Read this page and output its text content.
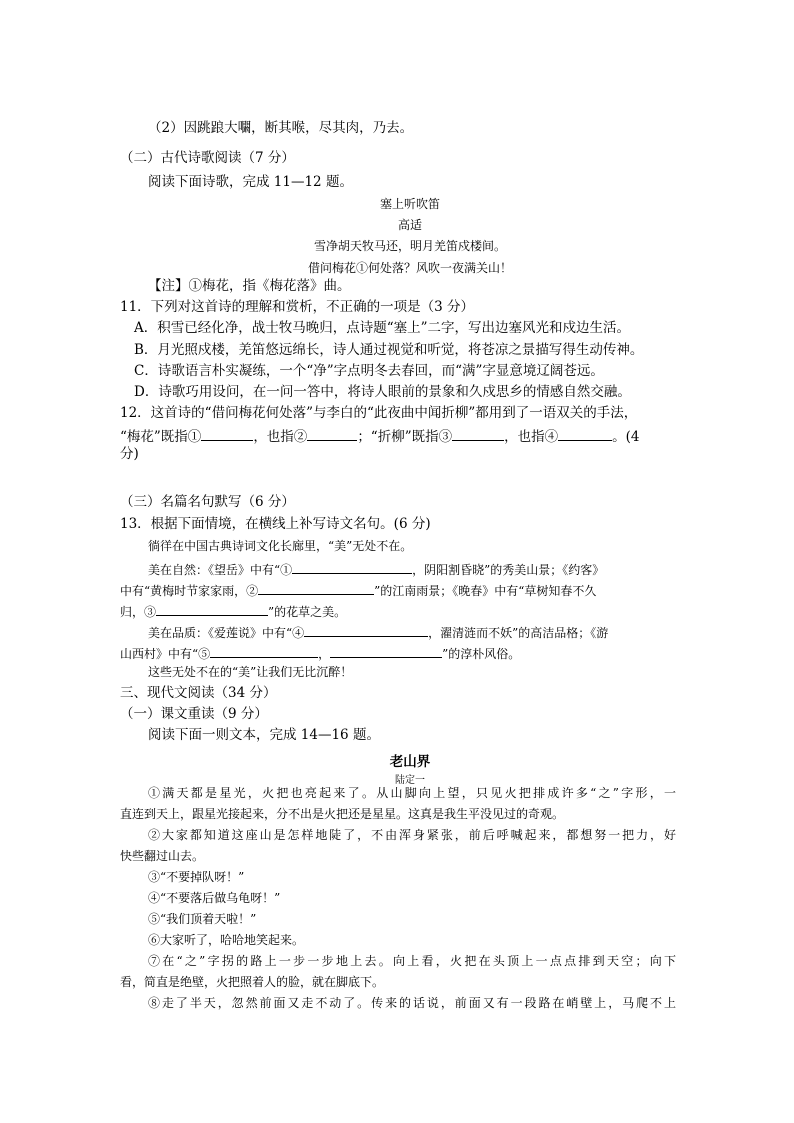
（2）因跳踉大㘚，断其喉，尽其肉，乃去。
（二）古代诗歌阅读（7 分）
阅读下面诗歌，完成 11—12 题。
塞上听吹笛
高适
雪净胡天牧马还，明月羌笛戍楼间。
借问梅花①何处落？风吹一夜满关山！
【注】①梅花，指《梅花落》曲。
11．下列对这首诗的理解和赏析，不正确的一项是（3 分）
A．积雪已经化净，战士牧马晚归，点诗题“塞上”二字，写出边塞风光和戍边生活。
B．月光照戍楼，羌笛悠远绵长，诗人通过视觉和听觉，将苍凉之景描写得生动传神。
C．诗歌语言朴实凝练，一个“净”字点明冬去春回，而“满”字显意境辽阔苍远。
D．诗歌巧用设问，在一问一答中，将诗人眼前的景象和久戍思乡的情感自然交融。
12．这首诗的“借问梅花何处落”与李白的“此夜曲中闻折柳”都用到了一语双关的手法，
“梅花”既指①	，也指②	；“折柳”既指③	，也指④	。(4
分)
（三）名篇名句默写（6 分）
13．根据下面情境，在横线上补写诗文名句。(6 分)
徜徉在中国古典诗词文化长廊里，“美”无处不在。
美在自然：《望岳》中有“①	，阴阳割昏晓”的秀美山景；《约客》
中有“黄梅时节家家雨，②	”的江南雨景；《晚春》中有“草树知春不久
归，③	”的花草之美。
美在品质：《爱莲说》中有“④	，濯清涟而不妖”的高洁品格；《游
山西村》中有“⑤	，	”的淳朴风俗。
这些无处不在的“美”让我们无比沉醉！
三、现代文阅读（34 分）
（一）课文重读（9 分）
阅读下面一则文本，完成 14—16 题。
老山界
陆定一
①满天都是星光，火把也亮起来了。从山脚向上望，只见火把排成许多“之”字形，一
直连到天上，跟星光接起来，分不出是火把还是星星。这真是我生平没见过的奇观。
②大家都知道这座山是怎样地陡了，不由浑身紧张，前后呼喊起来，都想努一把力，好
快些翻过山去。
③“不要掉队呀！”
④“不要落后做乌龟呀！”
⑤“我们顶着天啦！”
⑥大家听了，哈哈地笑起来。
⑦在“之”字拐的路上一步一步地上去。向上看，火把在头顶上一点点排到天空；向下
看，简直是绝壁，火把照着人的脸，就在脚底下。
⑧走了半天，忽然前面又走不动了。传来的话说，前面又有一段路在峭壁上，马爬不上
